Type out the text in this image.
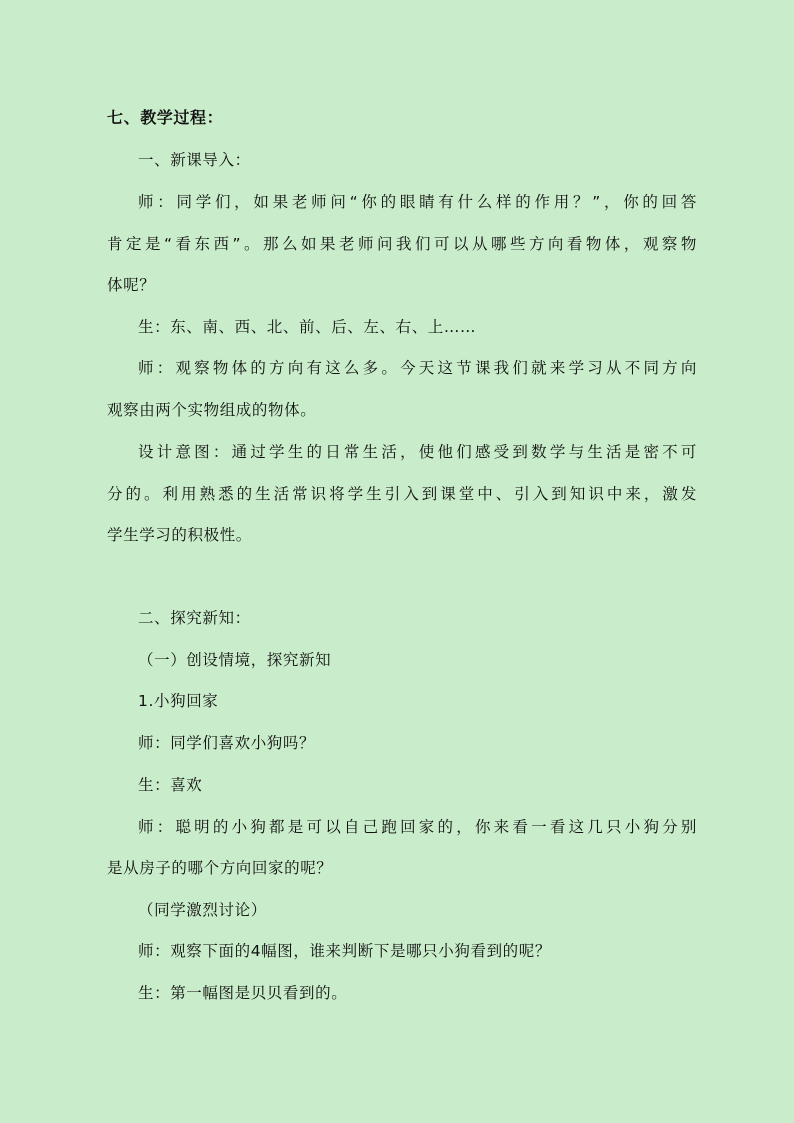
七、教学过程：
一、新课导入：
师：同学们，如果老师问“你的眼睛有什么样的作用？”，你的回答
肯定是“看东西”。那么如果老师问我们可以从哪些方向看物体，观察物
体呢？
生：东、南、西、北、前、后、左、右、上……
师：观察物体的方向有这么多。今天这节课我们就来学习从不同方向
观察由两个实物组成的物体。
设计意图：通过学生的日常生活，使他们感受到数学与生活是密不可
分的。利用熟悉的生活常识将学生引入到课堂中、引入到知识中来，激发
学生学习的积极性。
二、探究新知：
（一）创设情境，探究新知
1.小狗回家
师：同学们喜欢小狗吗？
生：喜欢
师：聪明的小狗都是可以自己跑回家的，你来看一看这几只小狗分别
是从房子的哪个方向回家的呢？
（同学激烈讨论）
师：观察下面的4幅图，谁来判断下是哪只小狗看到的呢？
生：第一幅图是贝贝看到的。
